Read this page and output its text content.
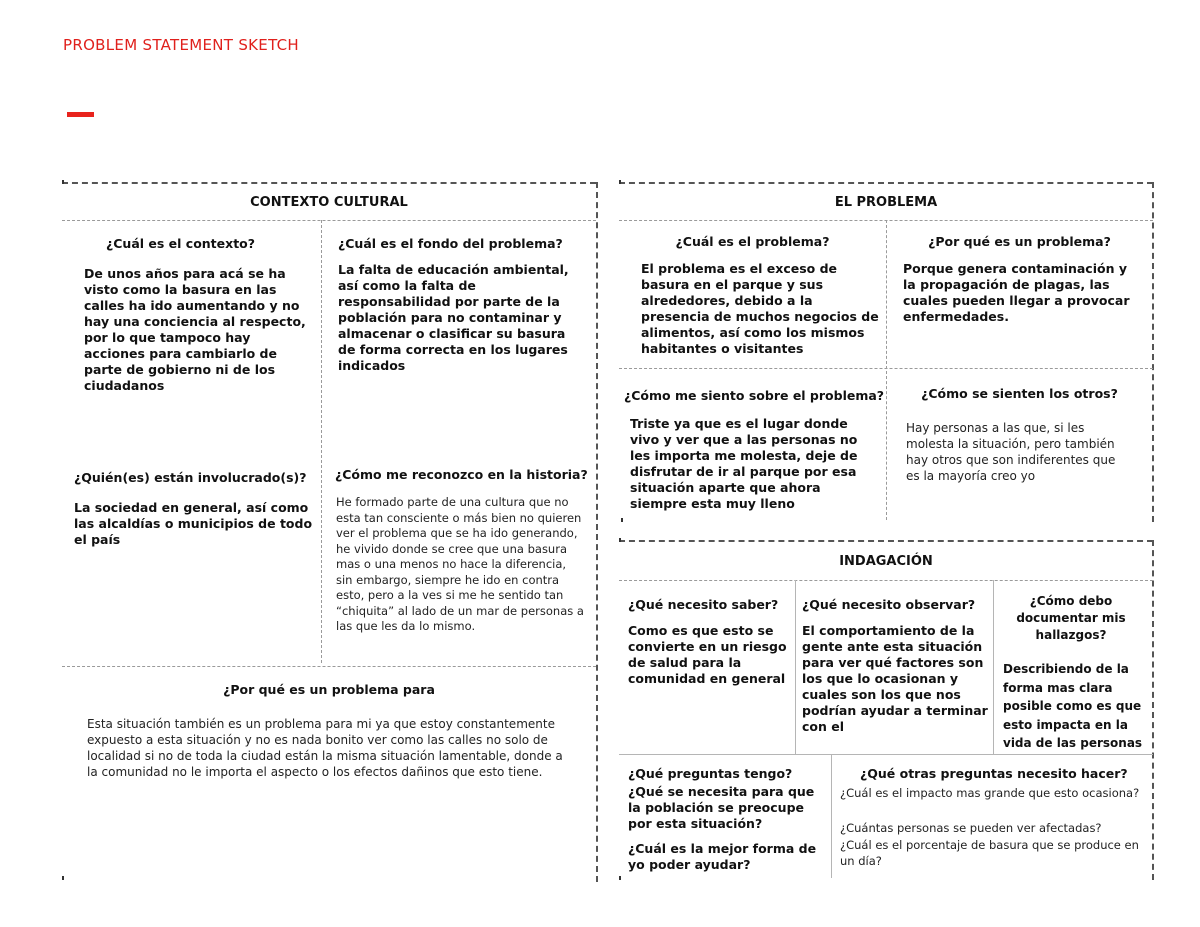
PROBLEM STATEMENT SKETCH
CONTEXTO CULTURAL
¿Cuál es el contexto?
De unos años para acá se ha visto como la basura en las calles ha ido aumentando y no hay una conciencia al respecto, por lo que tampoco hay acciones para cambiarlo de parte de gobierno ni de los ciudadanos
¿Cuál es el fondo del problema?
La falta de educación ambiental, así como la falta de responsabilidad por parte de la población para no contaminar y almacenar o clasificar su basura de forma correcta en los lugares indicados
¿Quién(es) están involucrado(s)?
La sociedad en general, así como las alcaldías o municipios de todo el país
¿Cómo me reconozco en la historia?
He formado parte de una cultura que no esta tan consciente o más bien no quieren ver el problema que se ha ido generando, he vivido donde se cree que una basura mas o una menos no hace la diferencia, sin embargo, siempre he ido en contra esto, pero a la ves si me he sentido tan “chiquita” al lado de un mar de personas a las que les da lo mismo.
¿Por qué es un problema para
Esta situación también es un problema para mi ya que estoy constantemente expuesto a esta situación y no es nada bonito ver como las calles no solo de localidad si no de toda la ciudad están la misma situación lamentable, donde a la comunidad no le importa el aspecto o los efectos dañinos que esto tiene.
EL PROBLEMA
¿Cuál es el problema?
El problema es el exceso de basura en el parque y sus alrededores, debido a la presencia de muchos negocios de alimentos, así como los mismos habitantes o visitantes
¿Por qué es un problema?
Porque genera contaminación y la propagación de plagas, las cuales pueden llegar a provocar enfermedades.
¿Cómo me siento sobre el problema?
Triste ya que es el lugar donde vivo y ver que a las personas no les importa me molesta, deje de disfrutar de ir al parque por esa situación aparte que ahora siempre esta muy lleno
¿Cómo se sienten los otros?
Hay personas a las que, si les molesta la situación, pero también hay otros que son indiferentes que es la mayoría creo yo
INDAGACIÓN
¿Qué necesito saber?
Como es que esto se convierte en un riesgo de salud para la comunidad en general
¿Qué necesito observar?
El comportamiento de la gente ante esta situación para ver qué factores son los que lo ocasionan y cuales son los que nos podrían ayudar a terminar con el
¿Cómo debo documentar mis hallazgos?
Describiendo de la forma mas clara posible como es que esto impacta en la vida de las personas
¿Qué preguntas tengo?
¿Qué se necesita para que la población se preocupe por esta situación?
¿Cuál es la mejor forma de yo poder ayudar?
¿Qué otras preguntas necesito hacer?
¿Cuál es el impacto mas grande que esto ocasiona?
¿Cuántas personas se pueden ver afectadas?
¿Cuál es el porcentaje de basura que se produce en un día?
